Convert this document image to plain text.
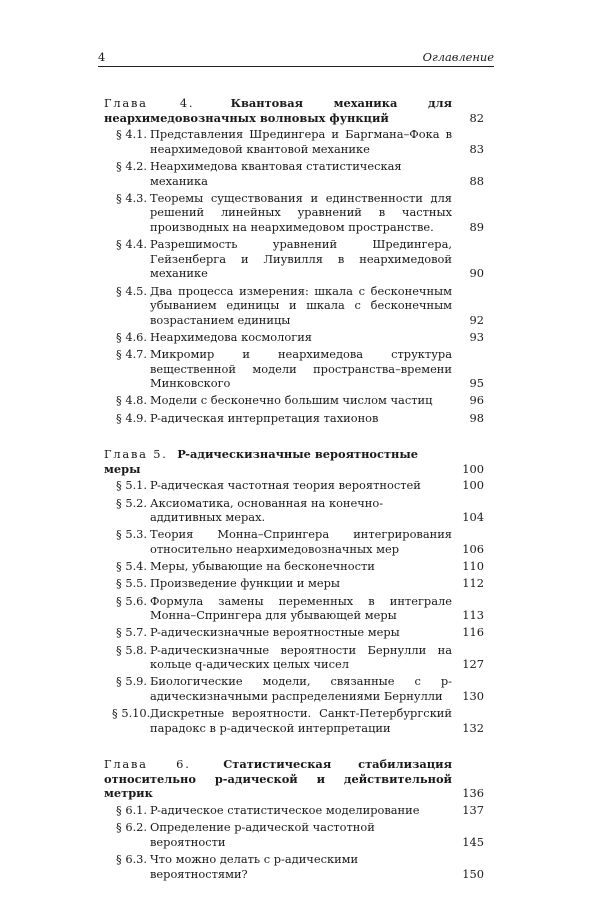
4	Оглавление
Глава 4.	Квантовая механика для неархимедовозначных волновых функций	82
§ 4.1. Представления Шредингера и Баргмана–Фока в неархимедовой квантовой механике	83
§ 4.2. Неархимедова квантовая статистическая механика	88
§ 4.3. Теоремы существования и единственности для решений линейных уравнений в частных производных на неархимедовом пространстве.	89
§ 4.4. Разрешимость уравнений Шредингера, Гейзенберга и Лиувилля в неархимедовой механике	90
§ 4.5. Два процесса измерения: шкала с бесконечным убыванием единицы и шкала с бесконечным возрастанием единицы	92
§ 4.6. Неархимедова космология	93
§ 4.7. Микромир и неархимедова структура вещественной модели пространства–времени Минковского	95
§ 4.8. Модели с бесконечно большим числом частиц	96
§ 4.9. P-адическая интерпретация тахионов	98
Глава 5. P-адическизначные вероятностные меры	100
§ 5.1. P-адическая частотная теория вероятностей	100
§ 5.2. Аксиоматика, основанная на конечно-аддитивных мерах.	104
§ 5.3. Теория Монна–Спрингера интегрирования относительно неархимедовозначных мер	106
§ 5.4. Меры, убывающие на бесконечности	110
§ 5.5. Произведение функции и меры	112
§ 5.6. Формула замены переменных в интеграле Монна–Спрингера для убывающей меры	113
§ 5.7. P-адическизначные вероятностные меры	116
§ 5.8. P-адическизначные вероятности Бернулли на кольце q-адических целых чисел	127
§ 5.9. Биологические модели, связанные с p-адическизначными распределениями Бернулли	130
§ 5.10. Дискретные вероятности. Санкт-Петербургский парадокс в p-адической интерпретации	132
Глава 6.	Статистическая стабилизация относительно p-адической и действительной метрик	136
§ 6.1. P-адическое статистическое моделирование	137
§ 6.2. Определение p-адической частотной вероятности	145
§ 6.3. Что можно делать с p-адическими вероятностями?	150
